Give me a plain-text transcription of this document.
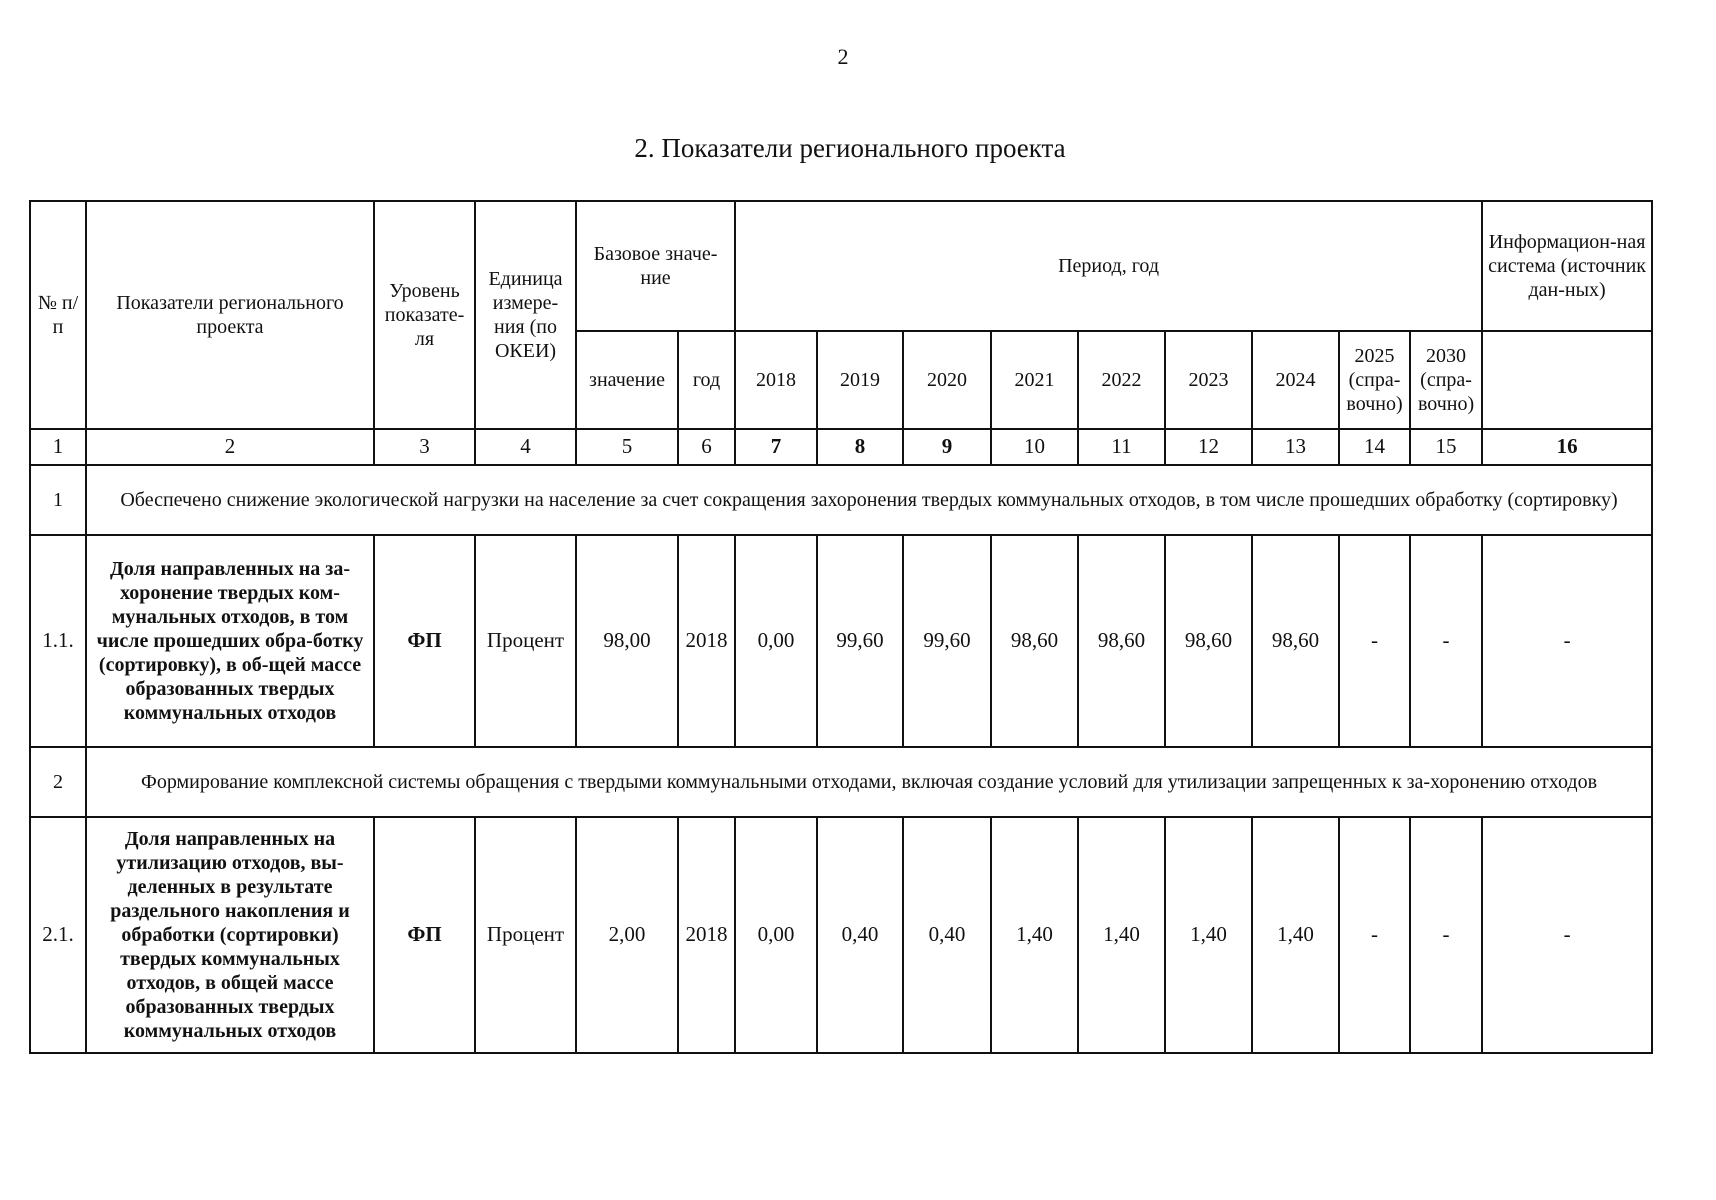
2
2. Показатели регионального проекта
№ п/п	Показатели регионального проекта	Уровень показате-ля	Единица измере-ния (по ОКЕИ)	Базовое значе-ние		Период, год									Информацион-ная система (источник дан-ных)
				значение	год	2018	2019	2020	2021	2022	2023	2024	2025 (спра-вочно)	2030 (спра-вочно)	
1	2	3	4	5	6	7	8	9	10	11	12	13	14	15	16
1	Обеспечено снижение экологической нагрузки на население за счет сокращения захоронения твердых коммунальных отходов, в том числе прошедших обработку (сортировку)														
1.1.	Доля направленных на за-хоронение твердых ком-мунальных отходов, в том числе прошедших обра-ботку (сортировку), в об-щей массе образованных твердых коммунальных отходов	ФП	Процент	98,00	2018	0,00	99,60	99,60	98,60	98,60	98,60	98,60	-	-	-
2	Формирование комплексной системы обращения с твердыми коммунальными отходами, включая создание условий для утилизации запрещенных к за-хоронению отходов														
2.1.	Доля направленных на утилизацию отходов, вы-деленных в результате раздельного накопления и обработки (сортировки) твердых коммунальных отходов, в общей массе образованных твердых коммунальных отходов	ФП	Процент	2,00	2018	0,00	0,40	0,40	1,40	1,40	1,40	1,40	-	-	-
